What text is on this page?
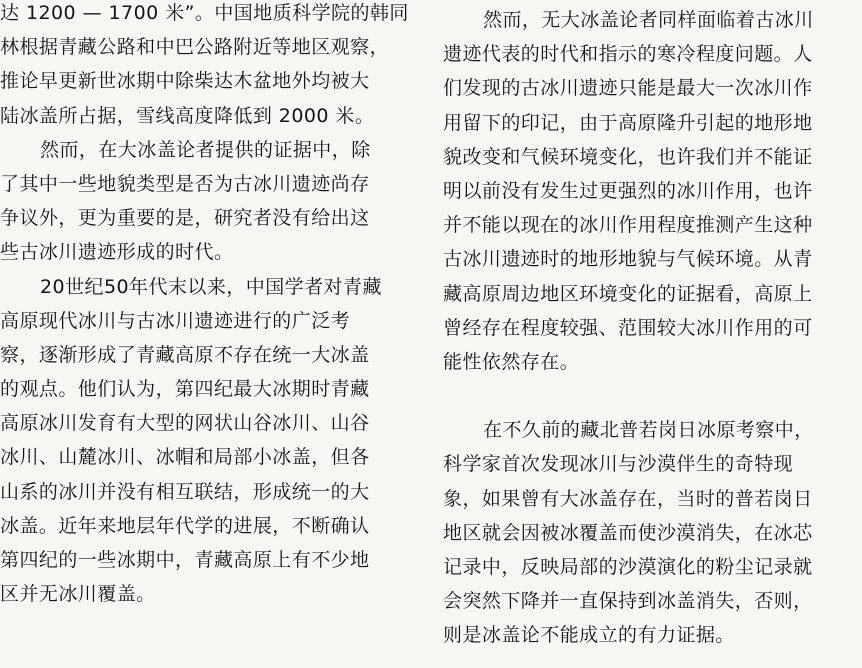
达 1200 — 1700 米”。中国地质科学院的韩同
林根据青藏公路和中巴公路附近等地区观察，
推论早更新世冰期中除柴达木盆地外均被大
陆冰盖所占据，雪线高度降低到 2000 米。
然而，在大冰盖论者提供的证据中，除
了其中一些地貌类型是否为古冰川遗迹尚存
争议外，更为重要的是，研究者没有给出这
些古冰川遗迹形成的时代。
20世纪50年代末以来，中国学者对青藏
高原现代冰川与古冰川遗迹进行的广泛考
察，逐渐形成了青藏高原不存在统一大冰盖
的观点。他们认为，第四纪最大冰期时青藏
高原冰川发育有大型的网状山谷冰川、山谷
冰川、山麓冰川、冰帽和局部小冰盖，但各
山系的冰川并没有相互联结，形成统一的大
冰盖。近年来地层年代学的进展，不断确认
第四纪的一些冰期中，青藏高原上有不少地
区并无冰川覆盖。
然而，无大冰盖论者同样面临着古冰川
遗迹代表的时代和指示的寒冷程度问题。人
们发现的古冰川遗迹只能是最大一次冰川作
用留下的印记，由于高原隆升引起的地形地
貌改变和气候环境变化，也许我们并不能证
明以前没有发生过更强烈的冰川作用，也许
并不能以现在的冰川作用程度推测产生这种
古冰川遗迹时的地形地貌与气候环境。从青
藏高原周边地区环境变化的证据看，高原上
曾经存在程度较强、范围较大冰川作用的可
能性依然存在。
在不久前的藏北普若岗日冰原考察中，
科学家首次发现冰川与沙漠伴生的奇特现
象，如果曾有大冰盖存在，当时的普若岗日
地区就会因被冰覆盖而使沙漠消失，在冰芯
记录中，反映局部的沙漠演化的粉尘记录就
会突然下降并一直保持到冰盖消失，否则，
则是冰盖论不能成立的有力证据。
